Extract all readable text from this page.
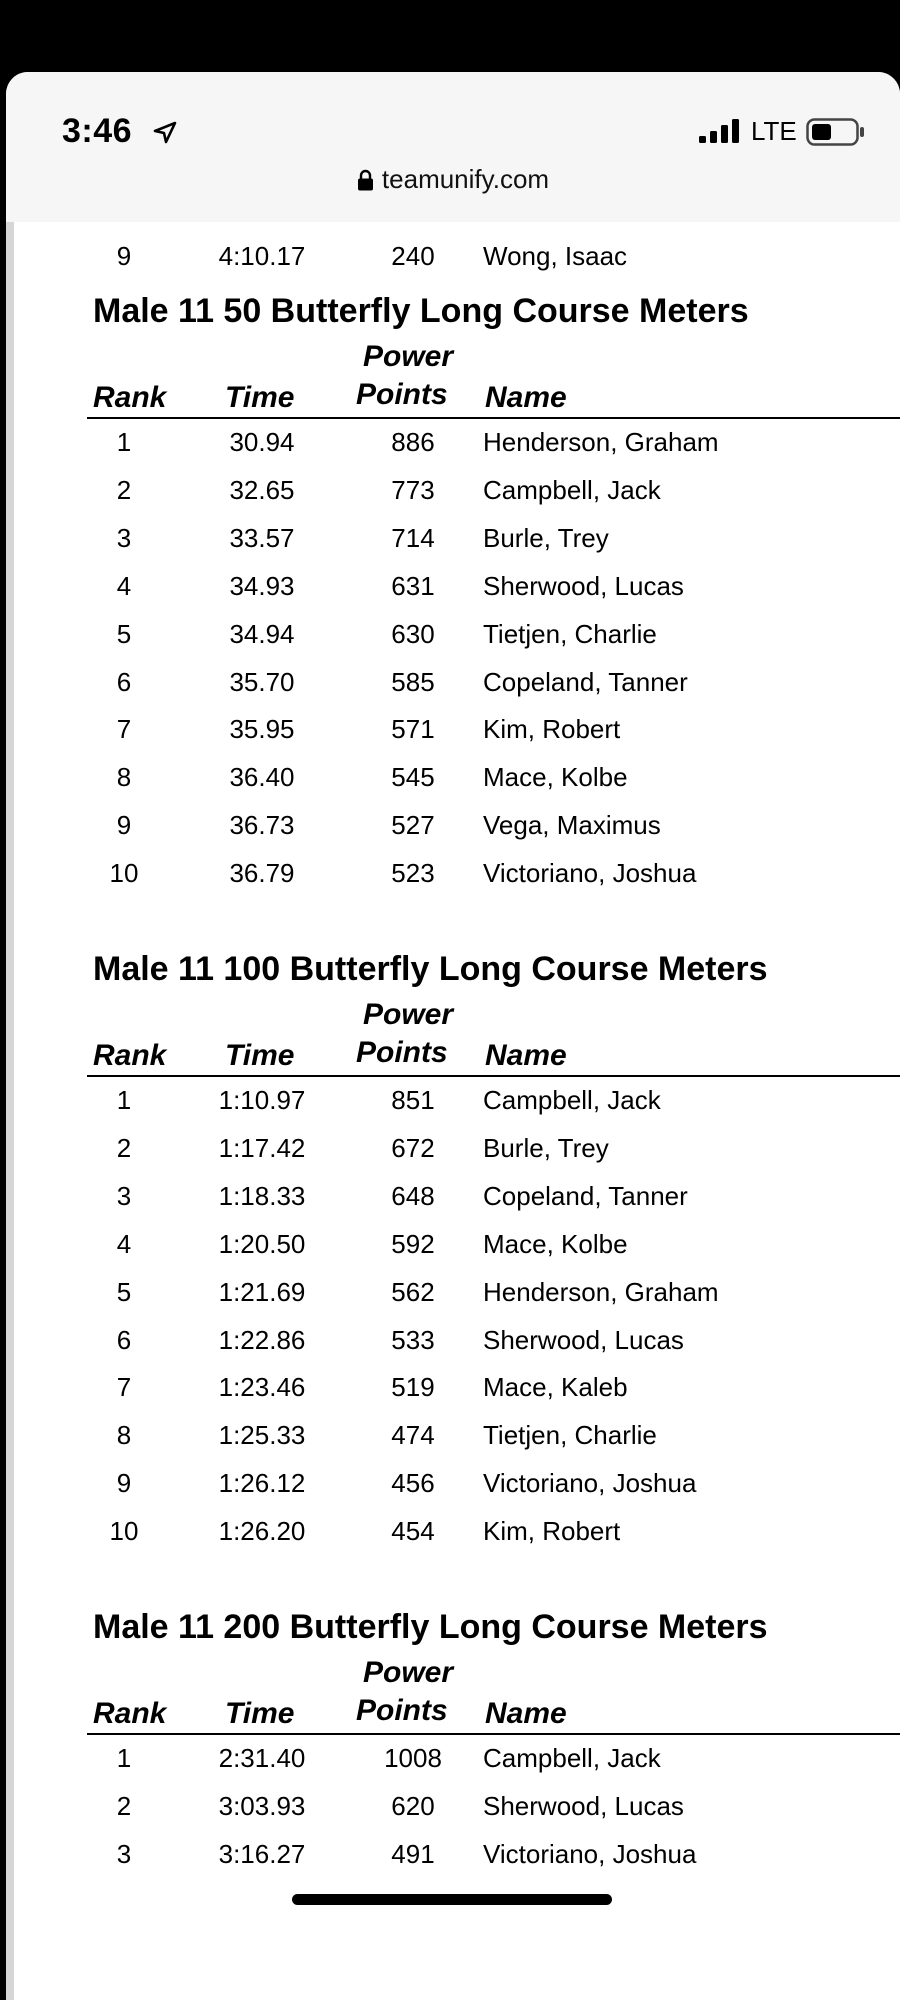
3:46	LTE
teamunify.com
9	4:10.17	240	Wong, Isaac
Male 11 50 Butterfly Long Course Meters
Power
Rank Time Points Name
1	30.94	886	Henderson, Graham
2	32.65	773	Campbell, Jack
3	33.57	714	Burle, Trey
4	34.93	631	Sherwood, Lucas
5	34.94	630	Tietjen, Charlie
6	35.70	585	Copeland, Tanner
7	35.95	571	Kim, Robert
8	36.40	545	Mace, Kolbe
9	36.73	527	Vega, Maximus
10	36.79	523	Victoriano, Joshua
Male 11 100 Butterfly Long Course Meters
Power
Rank Time Points Name
1	1:10.97	851	Campbell, Jack
2	1:17.42	672	Burle, Trey
3	1:18.33	648	Copeland, Tanner
4	1:20.50	592	Mace, Kolbe
5	1:21.69	562	Henderson, Graham
6	1:22.86	533	Sherwood, Lucas
7	1:23.46	519	Mace, Kaleb
8	1:25.33	474	Tietjen, Charlie
9	1:26.12	456	Victoriano, Joshua
10	1:26.20	454	Kim, Robert
Male 11 200 Butterfly Long Course Meters
Power
Rank Time Points Name
1	2:31.40	1008	Campbell, Jack
2	3:03.93	620	Sherwood, Lucas
3	3:16.27	491	Victoriano, Joshua
